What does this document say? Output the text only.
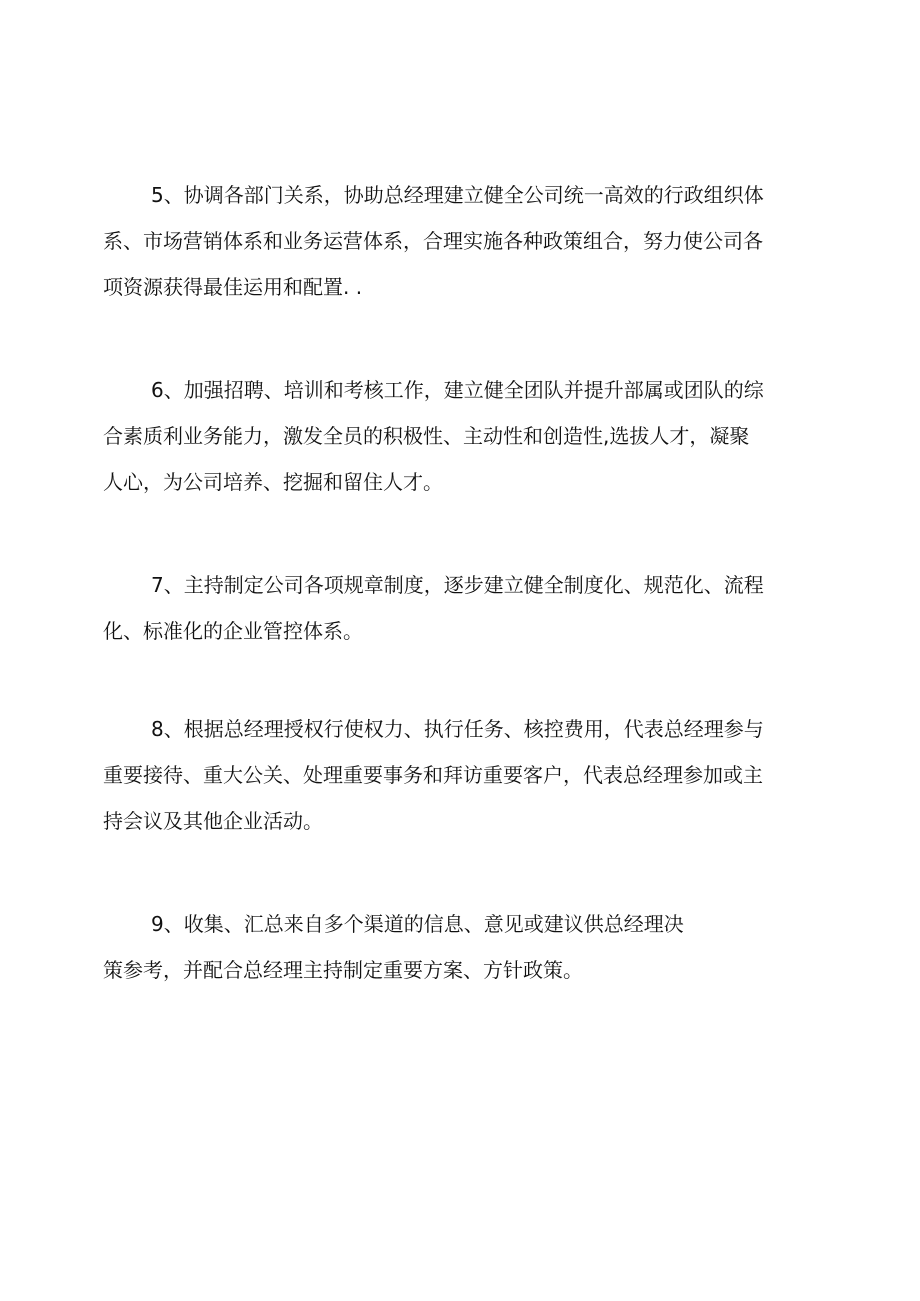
5、协调各部门关系，协助总经理建立健全公司统一高效的行政组织体
系、市场营销体系和业务运营体系，合理实施各种政策组合，努力使公司各
项资源获得最佳运用和配置. .
6、加强招聘、培训和考核工作，建立健全团队并提升部属或团队的综
合素质利业务能力，激发全员的积极性、主动性和创造性,选拔人才，凝聚
人心，为公司培养、挖掘和留住人才。
7、主持制定公司各项规章制度，逐步建立健全制度化、规范化、流程
化、标准化的企业管控体系。
8、根据总经理授权行使权力、执行任务、核控费用，代表总经理参与
重要接待、重大公关、处理重要事务和拜访重要客户，代表总经理参加或主
持会议及其他企业活动。
9、收集、汇总来自多个渠道的信息、意见或建议供总经理决
策参考，并配合总经理主持制定重要方案、方针政策。
